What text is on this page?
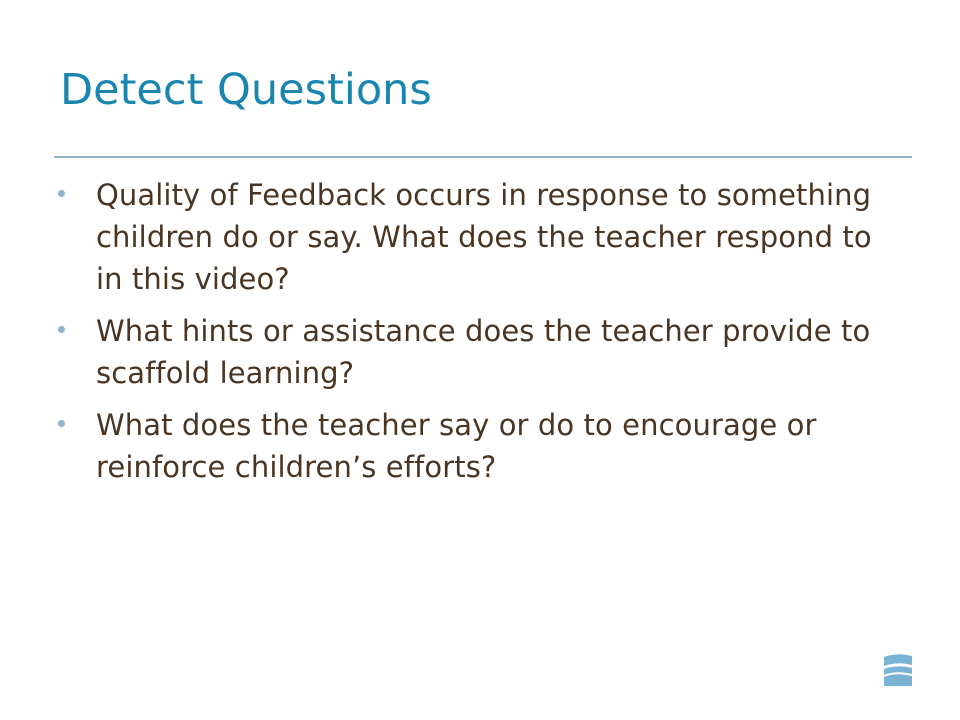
Detect Questions
Quality of Feedback occurs in response to something children do or say. What does the teacher respond to in this video?
What hints or assistance does the teacher provide to scaffold learning?
What does the teacher say or do to encourage or reinforce children’s efforts?
